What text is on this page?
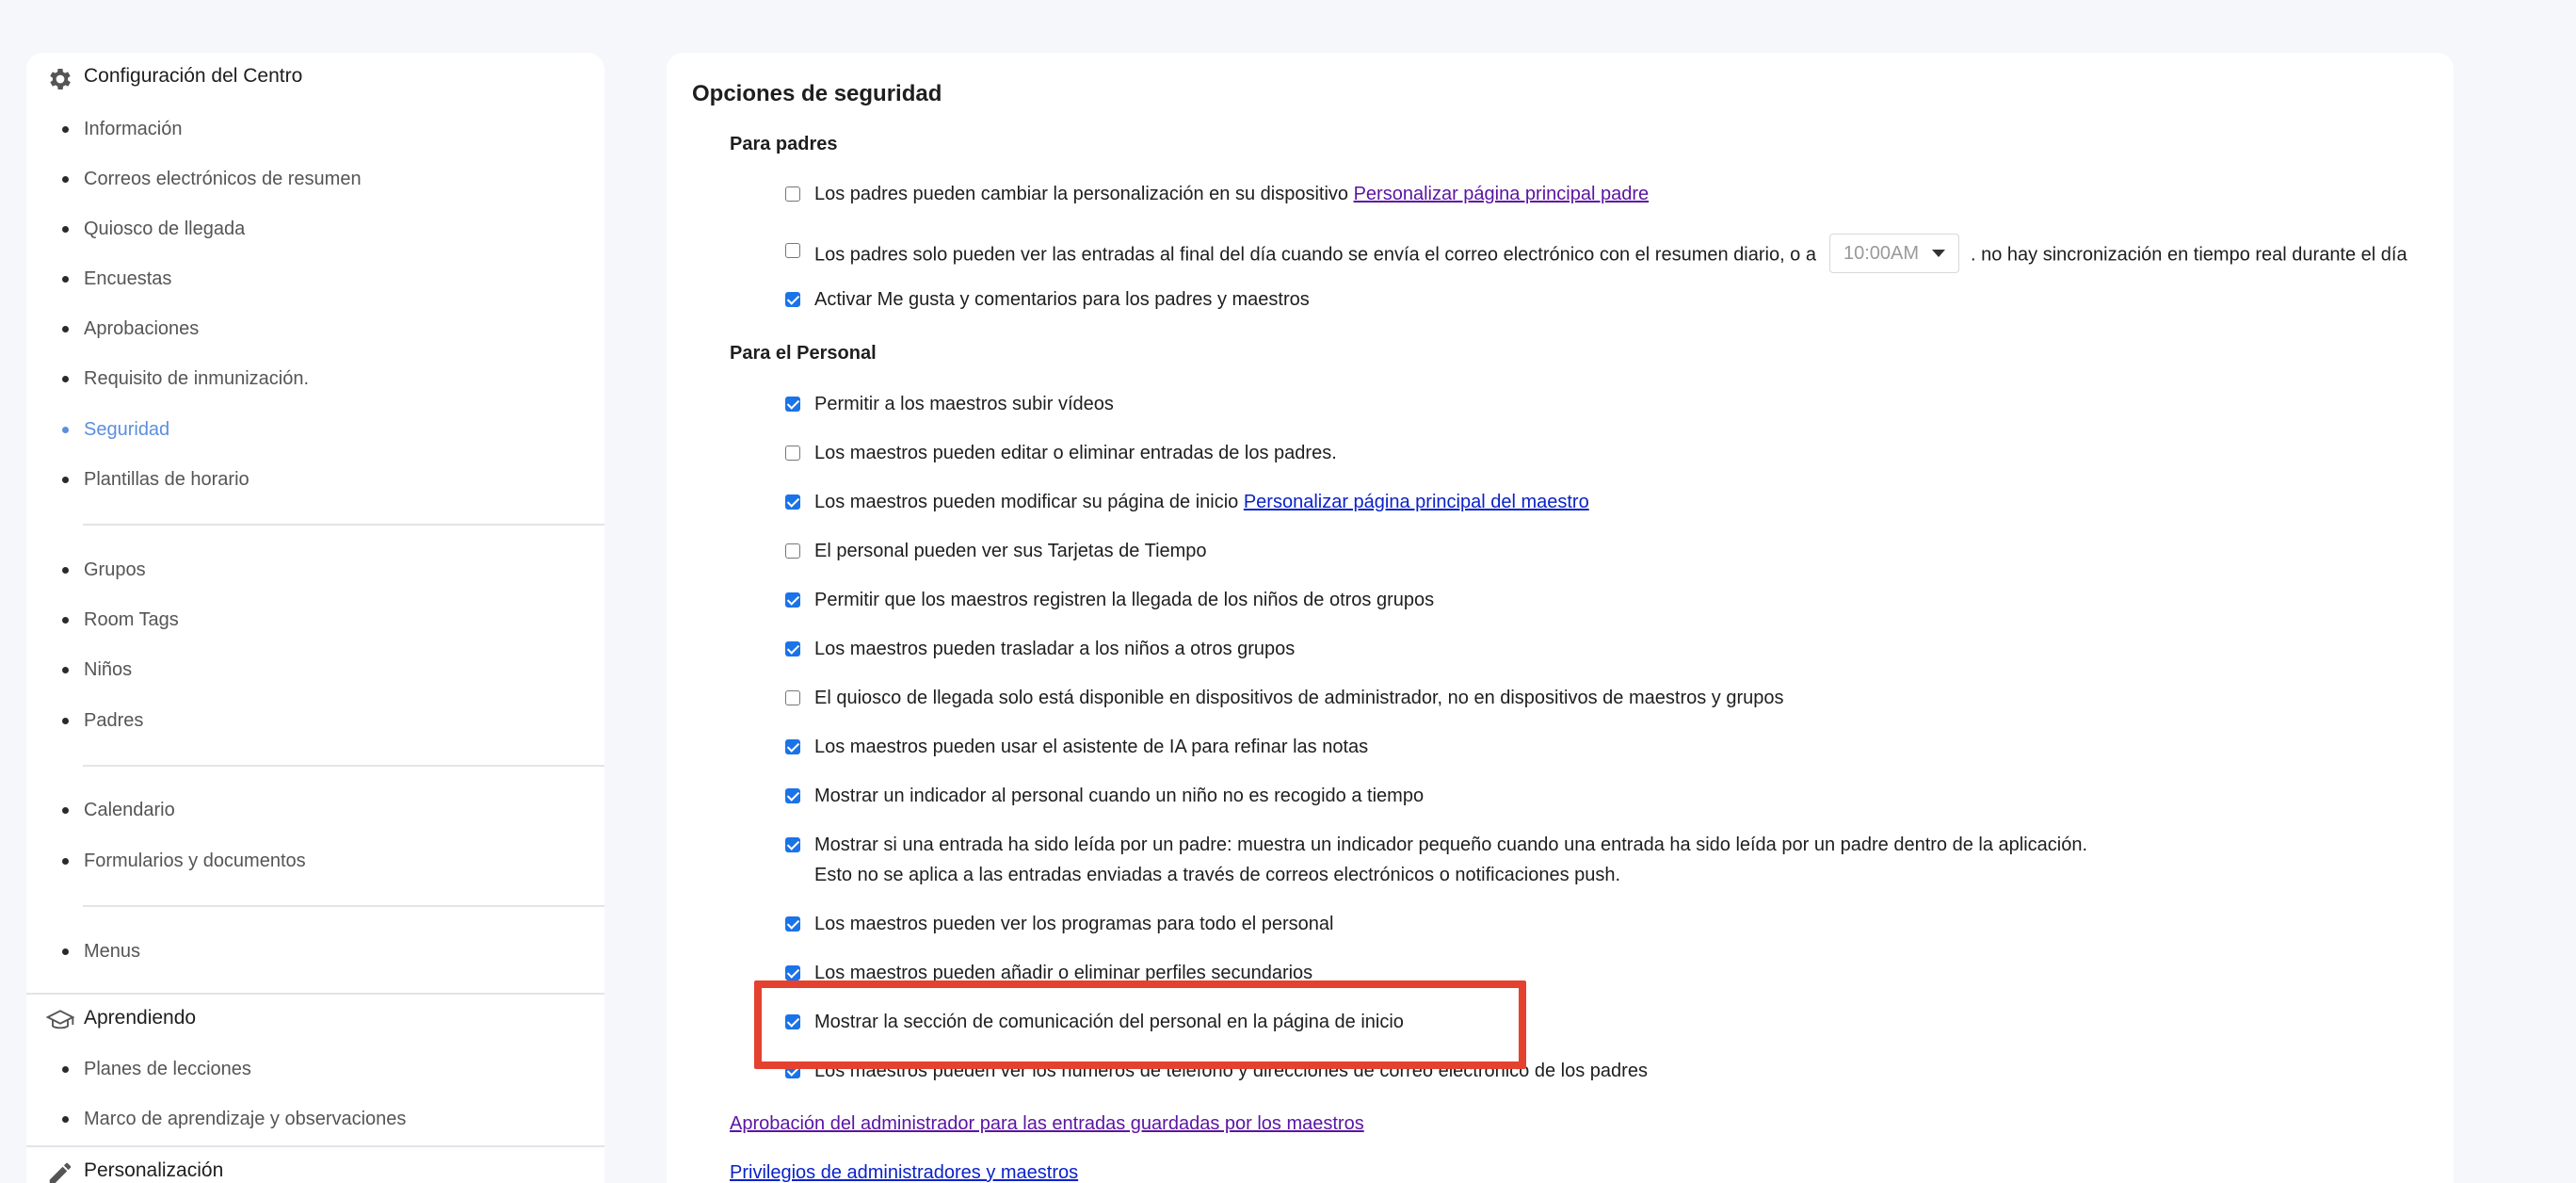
Configuración del Centro
Información
Correos electrónicos de resumen
Quiosco de llegada
Encuestas
Aprobaciones
Requisito de inmunización.
Seguridad
Plantillas de horario
Grupos
Room Tags
Niños
Padres
Calendario
Formularios y documentos
Menus
Aprendiendo
Planes de lecciones
Marco de aprendizaje y observaciones
Personalización
Opciones de seguridad
Para padres
Los padres pueden cambiar la personalización en su dispositivo Personalizar página principal padre
Los padres solo pueden ver las entradas al final del día cuando se envía el correo electrónico con el resumen diario, o a 10:00AM	. no hay sincronización en tiempo real durante el día
Activar Me gusta y comentarios para los padres y maestros
Para el Personal
Permitir a los maestros subir vídeos
Los maestros pueden editar o eliminar entradas de los padres.
Los maestros pueden modificar su página de inicio Personalizar página principal del maestro
El personal pueden ver sus Tarjetas de Tiempo
Permitir que los maestros registren la llegada de los niños de otros grupos
Los maestros pueden trasladar a los niños a otros grupos
El quiosco de llegada solo está disponible en dispositivos de administrador, no en dispositivos de maestros y grupos
Los maestros pueden usar el asistente de IA para refinar las notas
Mostrar un indicador al personal cuando un niño no es recogido a tiempo
Mostrar si una entrada ha sido leída por un padre: muestra un indicador pequeño cuando una entrada ha sido leída por un padre dentro de la aplicación. Esto no se aplica a las entradas enviadas a través de correos electrónicos o notificaciones push.
Los maestros pueden ver los programas para todo el personal
Los maestros pueden añadir o eliminar perfiles secundarios
Mostrar la sección de comunicación del personal en la página de inicio
Los maestros pueden ver los números de teléfono y direcciones de correo electrónico de los padres
Aprobación del administrador para las entradas guardadas por los maestros
Privilegios de administradores y maestros
